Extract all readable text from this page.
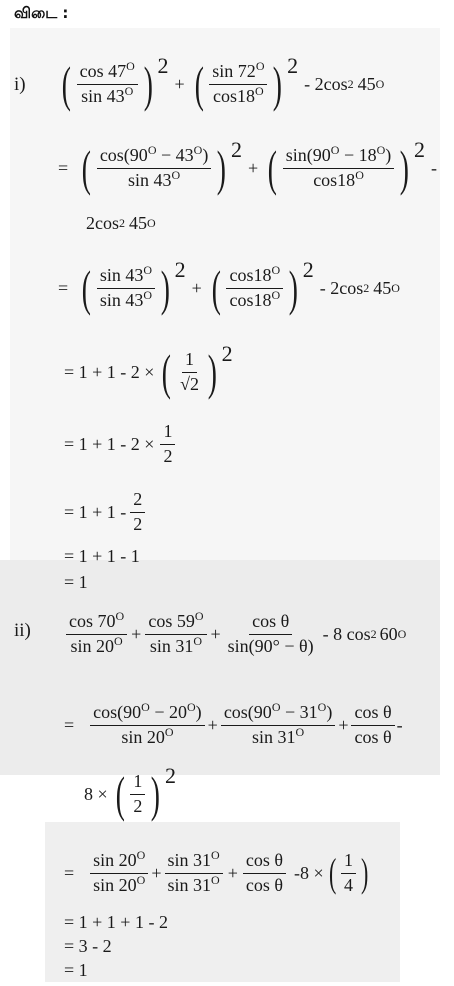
விடை :
i) ( $\frac{\cos 47^O}{\sin 43^O}$ ) 2
+ ( $\frac{\sin 72^O}{\cos 18^O}$ ) 2
- 2cos 2 45 O
= ( $\frac{\cos(90^O - 43^O)}{\sin 43^O}$ ) 2
+ ( $\frac{\sin(90^O - 18^O)}{\cos 18^O}$ ) 2
-
2cos 2 45 O
= ( $\frac{\sin 43^O}{\sin 43^O}$ ) 2
+ ( $\frac{\cos 18^O}{\cos 18^O}$ ) 2
- 2cos 2 45 O
= 1 + 1 - 2 × ( $\frac{1}{√2}$ ) 2
= $1 + 1 - 2 \times \frac{1}{2}$
= $1 + 1 - \frac{2}{2}$
= 1 + 1 - 1
= 1
$ii) \frac{\cos 70^O}{\sin 20^O} + \frac{\cos 59^O}{\sin 31^O} + \frac{\text{cos θ}}{\sin(90^\circ - \theta)} - 8$ cos 2 60 O
= $\frac{\cos(90^O - 20^O)}{\sin 20^O} + \frac{\cos(90^O - 31^O)}{\sin 31^O} + \frac{\text{cos θ}}{\text{cos θ}}$ -
8 × ( $\frac{1}{2}$ ) 2
= $\frac{\sin 20^O}{\sin 20^O} + \frac{\sin 31^O}{\sin 31^O} + \frac{\text{cos θ}}{\text{cos θ}} -8$ × ( $\frac{1}{4}$ )
= 1 + 1 + 1 - 2
= 3 - 2
= 1
